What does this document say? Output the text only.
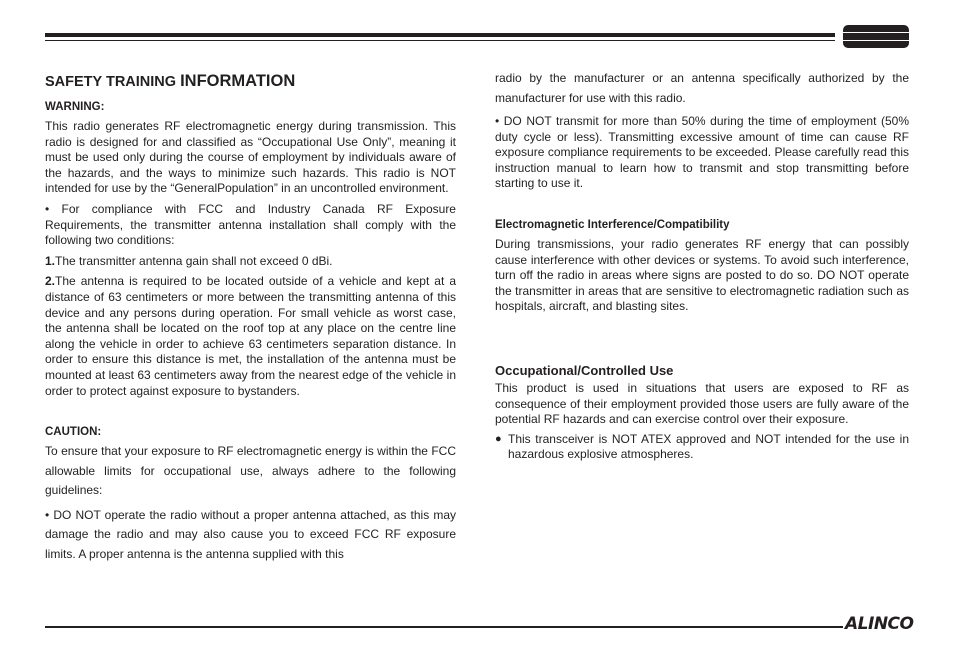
SAFETY TRAINING INFORMATION
WARNING:

This radio generates RF electromagnetic energy during transmission. This radio is designed for and classified as “Occupational Use Only”, meaning it must be used only during the course of employment by individuals aware of the hazards, and the ways to minimize such hazards. This radio is NOT intended for use by the “GeneralPopulation” in an uncontrolled environment.

• For compliance with FCC and Industry Canada RF Exposure Requirements, the transmitter antenna installation shall comply with the following two conditions:

1.The transmitter antenna gain shall not exceed 0 dBi.

2.The antenna is required to be located outside of a vehicle and kept at a distance of 63 centimeters or more between the transmitting antenna of this device and any persons during operation. For small vehicle as worst case, the antenna shall be located on the roof top at any place on the centre line along the vehicle in order to achieve 63 centimeters separation distance. In order to ensure this distance is met, the installation of the antenna must be mounted at least 63 centimeters away from the nearest edge of the vehicle in order to protect against exposure to bystanders.

CAUTION:

To ensure that your exposure to RF electromagnetic energy is within the FCC allowable limits for occupational use, always adhere to the following guidelines:

• DO NOT operate the radio without a proper antenna attached, as this may damage the radio and may also cause you to exceed FCC RF exposure limits. A proper antenna is the antenna supplied with this

radio by the manufacturer or an antenna specifically authorized by the manufacturer for use with this radio.

• DO NOT transmit for more than 50% during the time of employment (50% duty cycle or less). Transmitting excessive amount of time can cause RF exposure compliance requirements to be exceeded. Please carefully read this instruction manual to learn how to transmit and stop transmitting before starting to use it.

Electromagnetic Interference/Compatibility

During transmissions, your radio generates RF energy that can possibly cause interference with other devices or systems. To avoid such interference, turn off the radio in areas where signs are posted to do so. DO NOT operate the transmitter in areas that are sensitive to electromagnetic radiation such as hospitals, aircraft, and blasting sites.

Occupational/Controlled Use

This product is used in situations that users are exposed to RF as consequence of their employment provided those users are fully aware of the potential RF hazards and can exercise control over their exposure.

● This transceiver is NOT ATEX approved and NOT intended for the use in hazardous explosive atmospheres.

ALINCO
